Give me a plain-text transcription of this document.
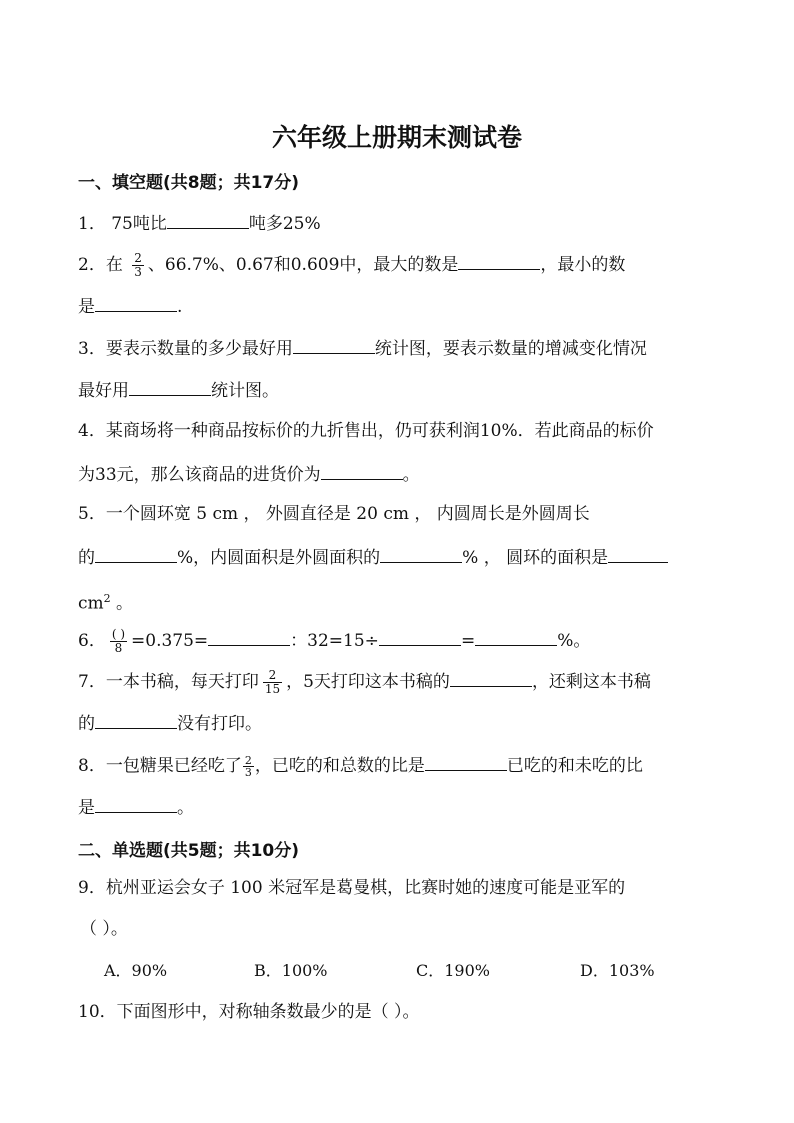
六年级上册期末测试卷
一、填空题(共8题；共17分)
1． 75吨比	吨多25%
2．在 $\frac{2}{3}$ 、66.7%、0.67和0.609中，最大的数是	，最小的数
是	.
3．要表示数量的多少最好用	统计图，要表示数量的增减变化情况
最好用	统计图。
4．某商场将一种商品按标价的九折售出，仍可获利润10%．若此商品的标价
为33元，那么该商品的进货价为	。
5．一个圆环宽 5 cm ， 外圆直径是 20 cm ， 内圆周长是外圆周长
的	%，内圆面积是外圆面积的	% ， 圆环的面积是
$cm^2$ 。
6． $\frac{( )}{8} =0.375=$	：32=15÷	=	%。
7．一本书稿，每天打印 $\frac{2}{15}$ ，5天打印这本书稿的	，还剩这本书稿
的	没有打印。
8．一包糖果已经吃了 $\frac{2}{3}$ ，已吃的和总数的比是	已吃的和未吃的比
是	。
二、单选题(共5题；共10分)
9．杭州亚运会女子 100 米冠军是葛曼棋，比赛时她的速度可能是亚军的
（ ）。
A．90%	B．100%	C．190%	D．103%
10．下面图形中，对称轴条数最少的是（ ）。
